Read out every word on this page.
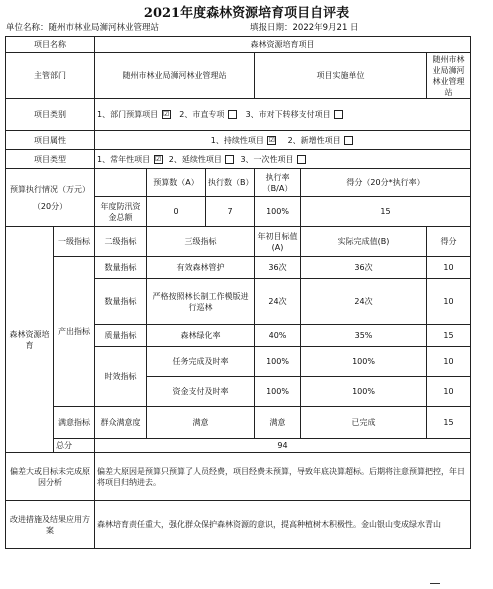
2021年度森林资源培育项目自评表
单位名称：随州市林业局浉河林业管理站	填报日期：2022年9月21 日
项目名称		森林资源培育项目					
主管部门		随州市林业局浉河林业管理站			项目实施单位		随州市林业局浉河林业管理站
项目类别		1、部门预算项目 ☑ 2、市直专项 3、市对下转移支付项目					
项目属性		1、持续性项目 ☑ 2、新增性项目					
项目类型		1、常年性项目 ☑ 2、延续性项目 3、一次性项目					

预算执行情况（万元）
（20分）			预算数（A）	执行数（B）	执行率（B/A）	得分（20分*执行率）	
		年度防汛资金总额	0	7	100%	15	
森林资源培育	一级指标	二级指标	三级指标		年初目标值(A)	实际完成值(B)	得分
	产出指标	数量指标	有效森林管护		36次	36次	10
		数量指标	严格按照林长制工作模版进行巡林		24次	24次	10
		质量指标	森林绿化率		40%	35%	15
		时效指标	任务完成及时率		100%	100%	10
			资金支付及时率		100%	100%	10
	满意指标	群众满意度	满意		满意	已完成	15
	总分	94					
偏差大或目标未完成原因分析		偏差大原因是预算只预算了人员经费，项目经费未预算，导致年底决算超标。后期将注意预算把控，年日将项目归纳进去。					
改进措施及结果应用方案		森林培育责任重大，强化群众保护森林资源的意识，提高种植树木积极性。金山银山变成绿水青山					
